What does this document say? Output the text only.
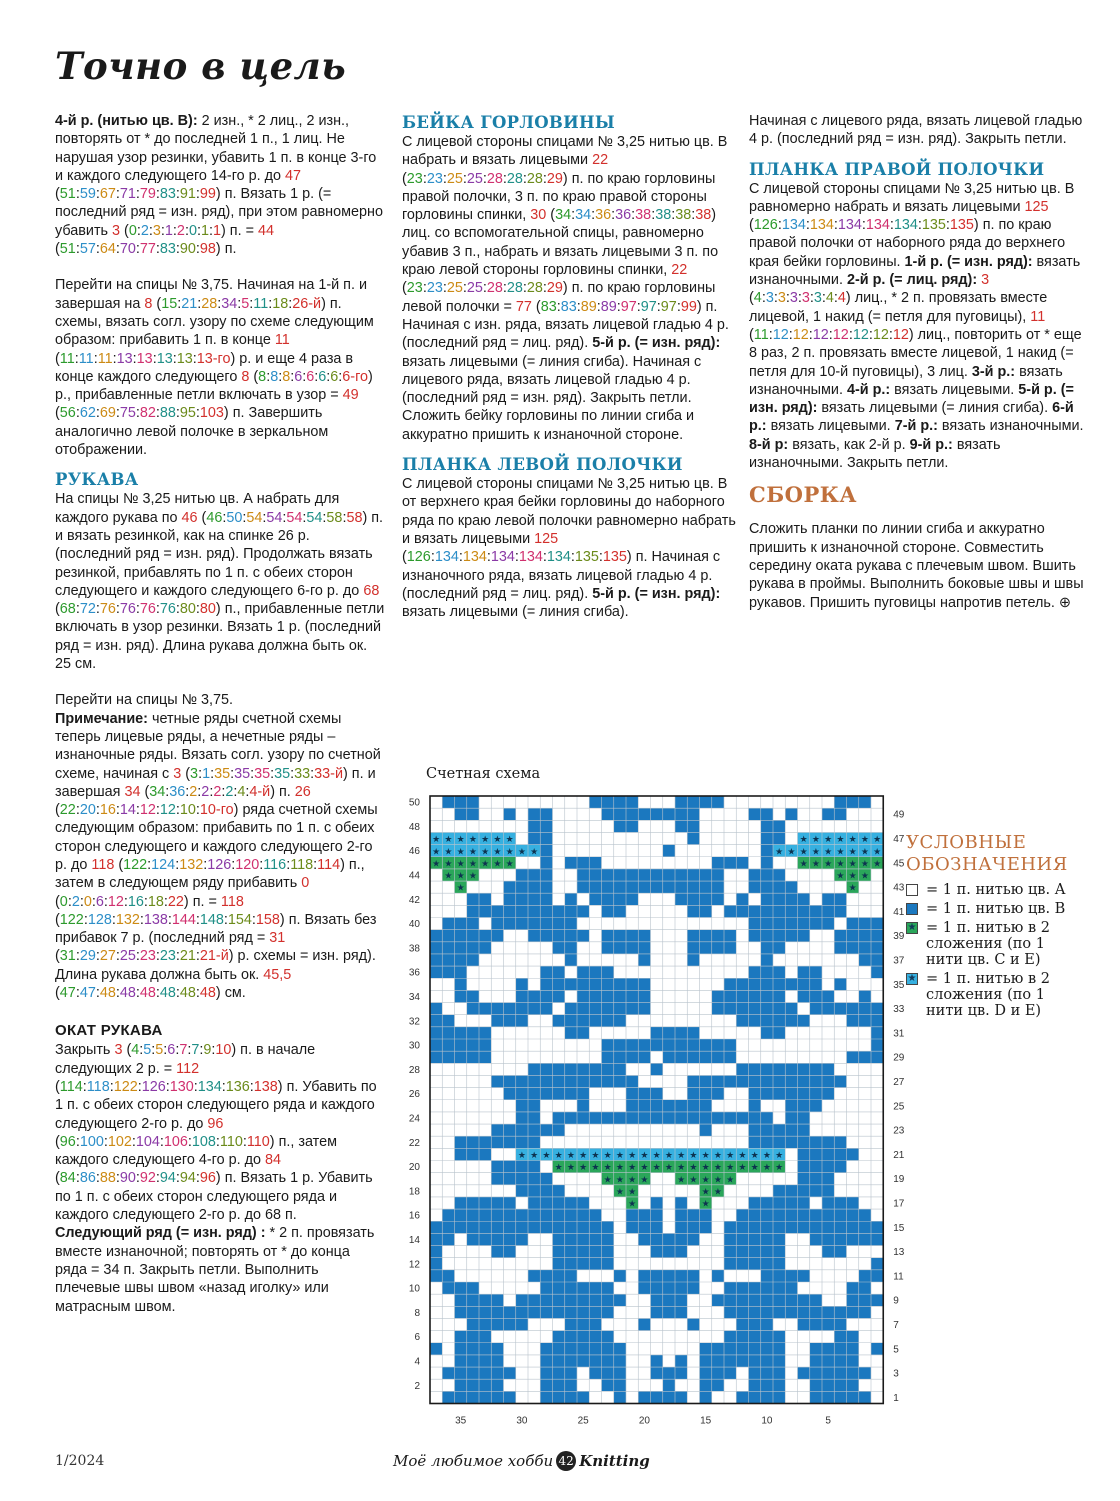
Точно в цель

4-й р. (нитью цв. В): 2 изн., * 2 лиц., 2 изн., повторять от * до последней 1 п., 1 лиц. Не нарушая узор резинки, убавить 1 п. в конце 3-го и каждого следующего 14-го р. до 47 (51:59:67:71:79:83:91:99) п. Вязать 1 р. (= последний ряд = изн. ряд), при этом равномерно убавить 3 (0:2:3:1:2:0:1:1) п. = 44 (51:57:64:70:77:83:90:98) п.

Перейти на спицы № 3,75. Начиная на 1-й п. и завершая на 8 (15:21:28:34:5:11:18:26-й) п. схемы, вязать согл. узору по схеме следующим образом: прибавить 1 п. в конце 11 (11:11:11:13:13:13:13:13-го) р. и еще 4 раза в конце каждого следующего 8 (8:8:8:6:6:6:6:6-го) р., прибавленные петли включать в узор = 49 (56:62:69:75:82:88:95:103) п. Завершить аналогично левой полочке в зеркальном отображении.

РУКАВА

На спицы № 3,25 нитью цв. А набрать для каждого рукава по 46 (46:50:54:54:54:54:58:58) п. и вязать резинкой, как на спинке 26 р. (последний ряд = изн. ряд). Продолжать вязать резинкой, прибавлять по 1 п. с обеих сторон следующего и каждого следующего 6-го р. до 68 (68:72:76:76:76:76:80:80) п., прибавленные петли включать в узор резинки. Вязать 1 р. (последний ряд = изн. ряд). Длина рукава должна быть ок. 25 см.

Перейти на спицы № 3,75.

Примечание: четные ряды счетной схемы теперь лицевые ряды, а нечетные ряды – изнаночные ряды. Вязать согл. узору по счетной схеме, начиная с 3 (3:1:35:35:35:35:33:33-й) п. и завершая 34 (34:36:2:2:2:2:4:4-й) п. 26 (22:20:16:14:12:12:10:10-го) ряда счетной схемы следующим образом: прибавить по 1 п. с обеих сторон следующего и каждого следующего 2-го р. до 118 (122:124:132:126:120:116:118:114) п., затем в следующем ряду прибавить 0 (0:2:0:6:12:16:18:22) п. = 118 (122:128:132:138:144:148:154:158) п. Вязать без прибавок 7 р. (последний ряд = 31 (31:29:27:25:23:23:21:21-й) р. схемы = изн. ряд). Длина рукава должна быть ок. 45,5 (47:47:48:48:48:48:48:48) см.

ОКАТ РУКАВА

Закрыть 3 (4:5:5:6:7:7:9:10) п. в начале следующих 2 р. = 112 (114:118:122:126:130:134:136:138) п. Убавить по 1 п. с обеих сторон следующего ряда и каждого следующего 2-го р. до 96 (96:100:102:104:106:108:110:110) п., затем каждого следующего 4-го р. до 84 (84:86:88:90:92:94:94:96) п. Вязать 1 р. Убавить по 1 п. с обеих сторон следующего ряда и каждого следующего 2-го р. до 68 п. Следующий ряд (= изн. ряд) : * 2 п. провязать вместе изнаночной; повторять от * до конца ряда = 34 п. Закрыть петли. Выполнить плечевые швы швом «назад иголку» или матрасным швом.

БЕЙКА ГОРЛОВИНЫ

С лицевой стороны спицами № 3,25 нитью цв. В набрать и вязать лицевыми 22 (23:23:25:25:28:28:28:29) п. по краю горловины правой полочки, 3 п. по краю правой стороны горловины спинки, 30 (34:34:36:36:38:38:38:38) лиц. со вспомогательной спицы, равномерно убавив 3 п., набрать и вязать лицевыми 3 п. по краю левой стороны горловины спинки, 22 (23:23:25:25:28:28:28:29) п. по краю горловины левой полочки = 77 (83:83:89:89:97:97:97:99) п. Начиная с изн. ряда, вязать лицевой гладью 4 р. (последний ряд = лиц. ряд). 5-й р. (= изн. ряд): вязать лицевыми (= линия сгиба). Начиная с лицевого ряда, вязать лицевой гладью 4 р. (последний ряд = изн. ряд). Закрыть петли. Сложить бейку горловины по линии сгиба и аккуратно пришить к изнаночной стороне.

ПЛАНКА ЛЕВОЙ ПОЛОЧКИ

С лицевой стороны спицами № 3,25 нитью цв. В от верхнего края бейки горловины до наборного ряда по краю левой полочки равномерно набрать и вязать лицевыми 125 (126:134:134:134:134:134:135:135) п. Начиная с изнаночного ряда, вязать лицевой гладью 4 р. (последний ряд = лиц. ряд). 5-й р. (= изн. ряд): вязать лицевыми (= линия сгиба).

Начиная с лицевого ряда, вязать лицевой гладью 4 р. (последний ряд = изн. ряд). Закрыть петли.

ПЛАНКА ПРАВОЙ ПОЛОЧКИ

С лицевой стороны спицами № 3,25 нитью цв. В равномерно набрать и вязать лицевыми 125 (126:134:134:134:134:134:135:135) п. по краю правой полочки от наборного ряда до верхнего края бейки горловины. 1-й р. (= изн. ряд): вязать изнаночными. 2-й р. (= лиц. ряд): 3 (4:3:3:3:3:3:4:4) лиц., * 2 п. провязать вместе лицевой, 1 накид (= петля для пуговицы), 11 (11:12:12:12:12:12:12:12) лиц., повторить от * еще 8 раз, 2 п. провязать вместе лицевой, 1 накид (= петля для 10-й пуговицы), 3 лиц. 3-й р.: вязать изнаночными. 4-й р.: вязать лицевыми. 5-й р. (= изн. ряд): вязать лицевыми (= линия сгиба). 6-й р.: вязать лицевыми. 7-й р.: вязать изнаночными. 8-й р: вязать, как 2-й р. 9-й р.: вязать изнаночными. Закрыть петли.

СБОРКА

Сложить планки по линии сгиба и аккуратно пришить к изнаночной стороне. Совместить середину оката рукава с плечевым швом. Вшить рукава в проймы. Выполнить боковые швы и швы рукавов. Пришить пуговицы напротив петель. ⊕

Счетная схема
★ ★ ★ ★ ★ ★ ★	★ ★ ★ ★ ★ ★ ★
★ ★ ★ ★ ★ ★ ★ ★ ★	★ ★ ★ ★ ★ ★ ★ ★ ★
★ ★ ★ ★ ★ ★ ★	★ ★ ★ ★ ★ ★ ★
★ ★ ★	★ ★ ★
★	★
★ ★ ★ ★ ★ ★ ★ ★ ★ ★ ★ ★ ★ ★ ★ ★ ★ ★ ★ ★ ★ ★
★ ★ ★ ★ ★ ★ ★ ★ ★ ★ ★ ★ ★ ★ ★ ★ ★ ★ ★
★ ★ ★ ★	★ ★ ★ ★ ★
★ ★	★ ★
★	★
2
4
6
8
10
12
14
16
18
20
22
24
26
28
30
32
34
36
38
40
42
44
46
48
50
1
3
5
7
9
11
13
15
17
19
21
23
25
27
29
31
33
35
37
39
41
43
45
47
49
35	30	25	20	15	10	5
УСЛОВНЫЕ ОБОЗНАЧЕНИЯ
= 1 п. нитью цв. А
= 1 п. нитью цв. В
★ = 1 п. нитью в 2 сложения (по 1 нити цв. С и Е)
★ = 1 п. нитью в 2 сложения (по 1 нити цв. D и Е)
1/2024	Моё любимое хобби 42 Knitting
